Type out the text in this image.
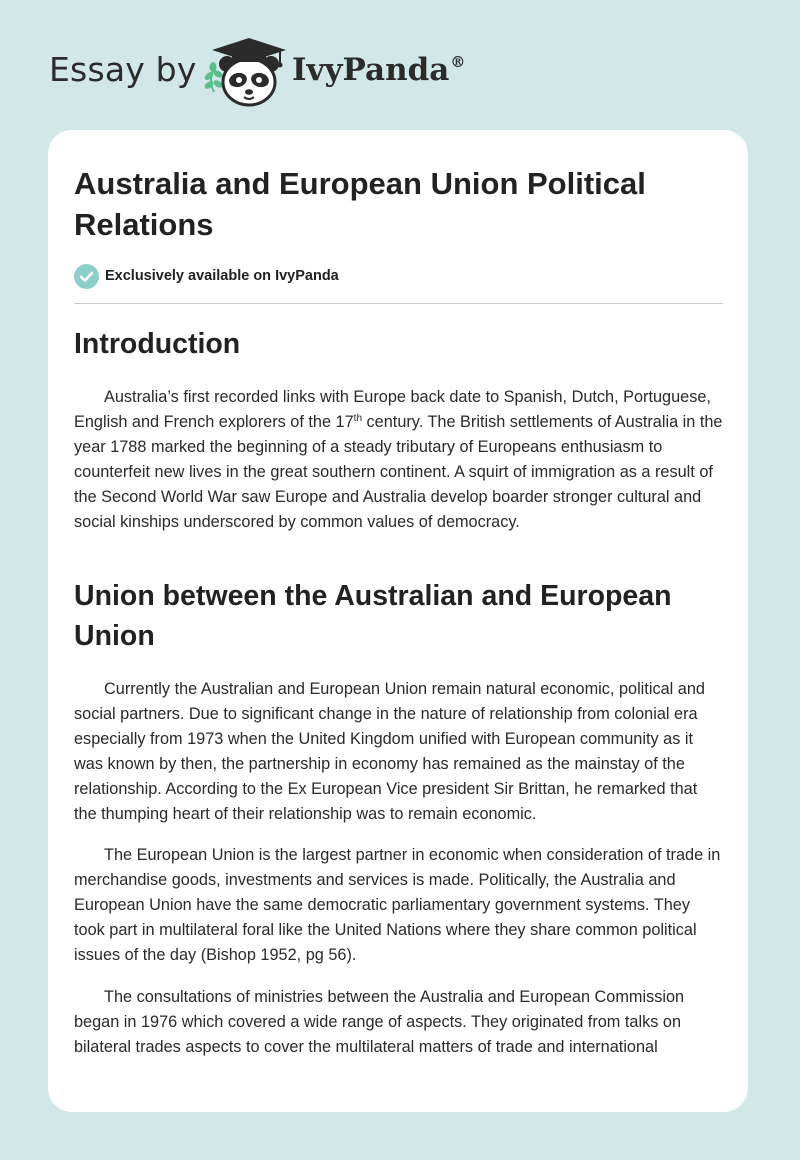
Essay by	IvyPanda®
Australia and European Union Political Relations
Exclusively available on IvyPanda
Introduction

Australia’s first recorded links with Europe back date to Spanish, Dutch, Portuguese, English and French explorers of the 17th century. The British settlements of Australia in the year 1788 marked the beginning of a steady tributary of Europeans enthusiasm to counterfeit new lives in the great southern continent. A squirt of immigration as a result of the Second World War saw Europe and Australia develop boarder stronger cultural and social kinships underscored by common values of democracy.

Union between the Australian and European Union

Currently the Australian and European Union remain natural economic, political and social partners. Due to significant change in the nature of relationship from colonial era especially from 1973 when the United Kingdom unified with European community as it was known by then, the partnership in economy has remained as the mainstay of the relationship. According to the Ex European Vice president Sir Brittan, he remarked that the thumping heart of their relationship was to remain economic.

The European Union is the largest partner in economic when consideration of trade in merchandise goods, investments and services is made. Politically, the Australia and European Union have the same democratic parliamentary government systems. They took part in multilateral foral like the United Nations where they share common political issues of the day (Bishop 1952, pg 56).

The consultations of ministries between the Australia and European Commission began in 1976 which covered a wide range of aspects. They originated from talks on bilateral trades aspects to cover the multilateral matters of trade and international
